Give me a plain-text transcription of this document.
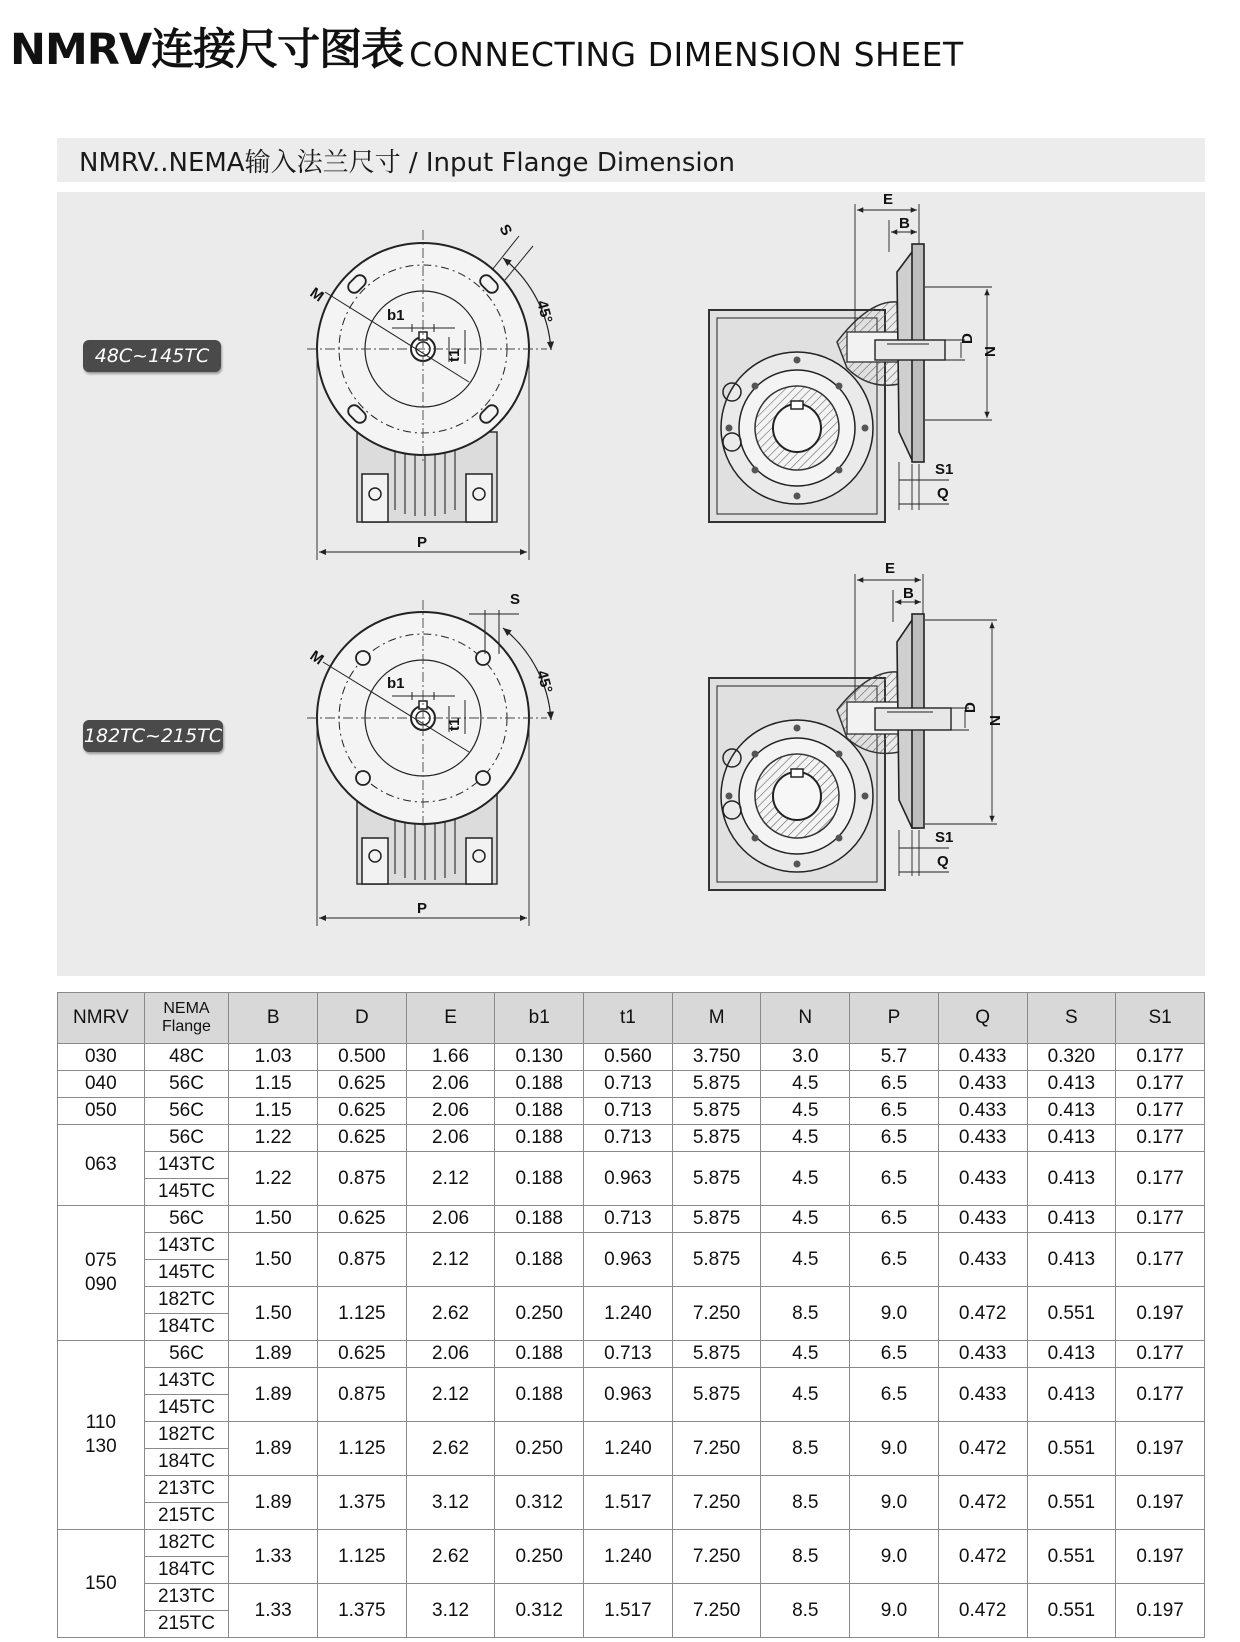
NMRV连接尺寸图表 CONNECTING DIMENSION SHEET
NMRV..NEMA输入法兰尺寸 / Input Flange Dimension
M
S
45°
b1
t1
P
E
B
D
N
S1
Q
M
S
45°
b1
t1
P
E
B
D
N
S1
Q
48C~145TC
182TC~215TC
NMRV	NEMA
Flange	B	D	E	b1	t1	M	N	P	Q	S	S1
030	48C	1.03	0.500	1.66	0.130	0.560	3.750	3.0	5.7	0.433	0.320	0.177
040	56C	1.15	0.625	2.06	0.188	0.713	5.875	4.5	6.5	0.433	0.413	0.177
050	56C	1.15	0.625	2.06	0.188	0.713	5.875	4.5	6.5	0.433	0.413	0.177
063	56C	1.22	0.625	2.06	0.188	0.713	5.875	4.5	6.5	0.433	0.413	0.177
	143TC	1.22	0.875	2.12	0.188	0.963	5.875	4.5	6.5	0.433	0.413	0.177
	145TC											
075
090	56C	1.50	0.625	2.06	0.188	0.713	5.875	4.5	6.5	0.433	0.413	0.177
	143TC	1.50	0.875	2.12	0.188	0.963	5.875	4.5	6.5	0.433	0.413	0.177
	145TC											
	182TC	1.50	1.125	2.62	0.250	1.240	7.250	8.5	9.0	0.472	0.551	0.197
	184TC											
110
130	56C	1.89	0.625	2.06	0.188	0.713	5.875	4.5	6.5	0.433	0.413	0.177
	143TC	1.89	0.875	2.12	0.188	0.963	5.875	4.5	6.5	0.433	0.413	0.177
	145TC											
	182TC	1.89	1.125	2.62	0.250	1.240	7.250	8.5	9.0	0.472	0.551	0.197
	184TC											
	213TC	1.89	1.375	3.12	0.312	1.517	7.250	8.5	9.0	0.472	0.551	0.197
	215TC											
150	182TC	1.33	1.125	2.62	0.250	1.240	7.250	8.5	9.0	0.472	0.551	0.197
	184TC											
	213TC	1.33	1.375	3.12	0.312	1.517	7.250	8.5	9.0	0.472	0.551	0.197
	215TC											
